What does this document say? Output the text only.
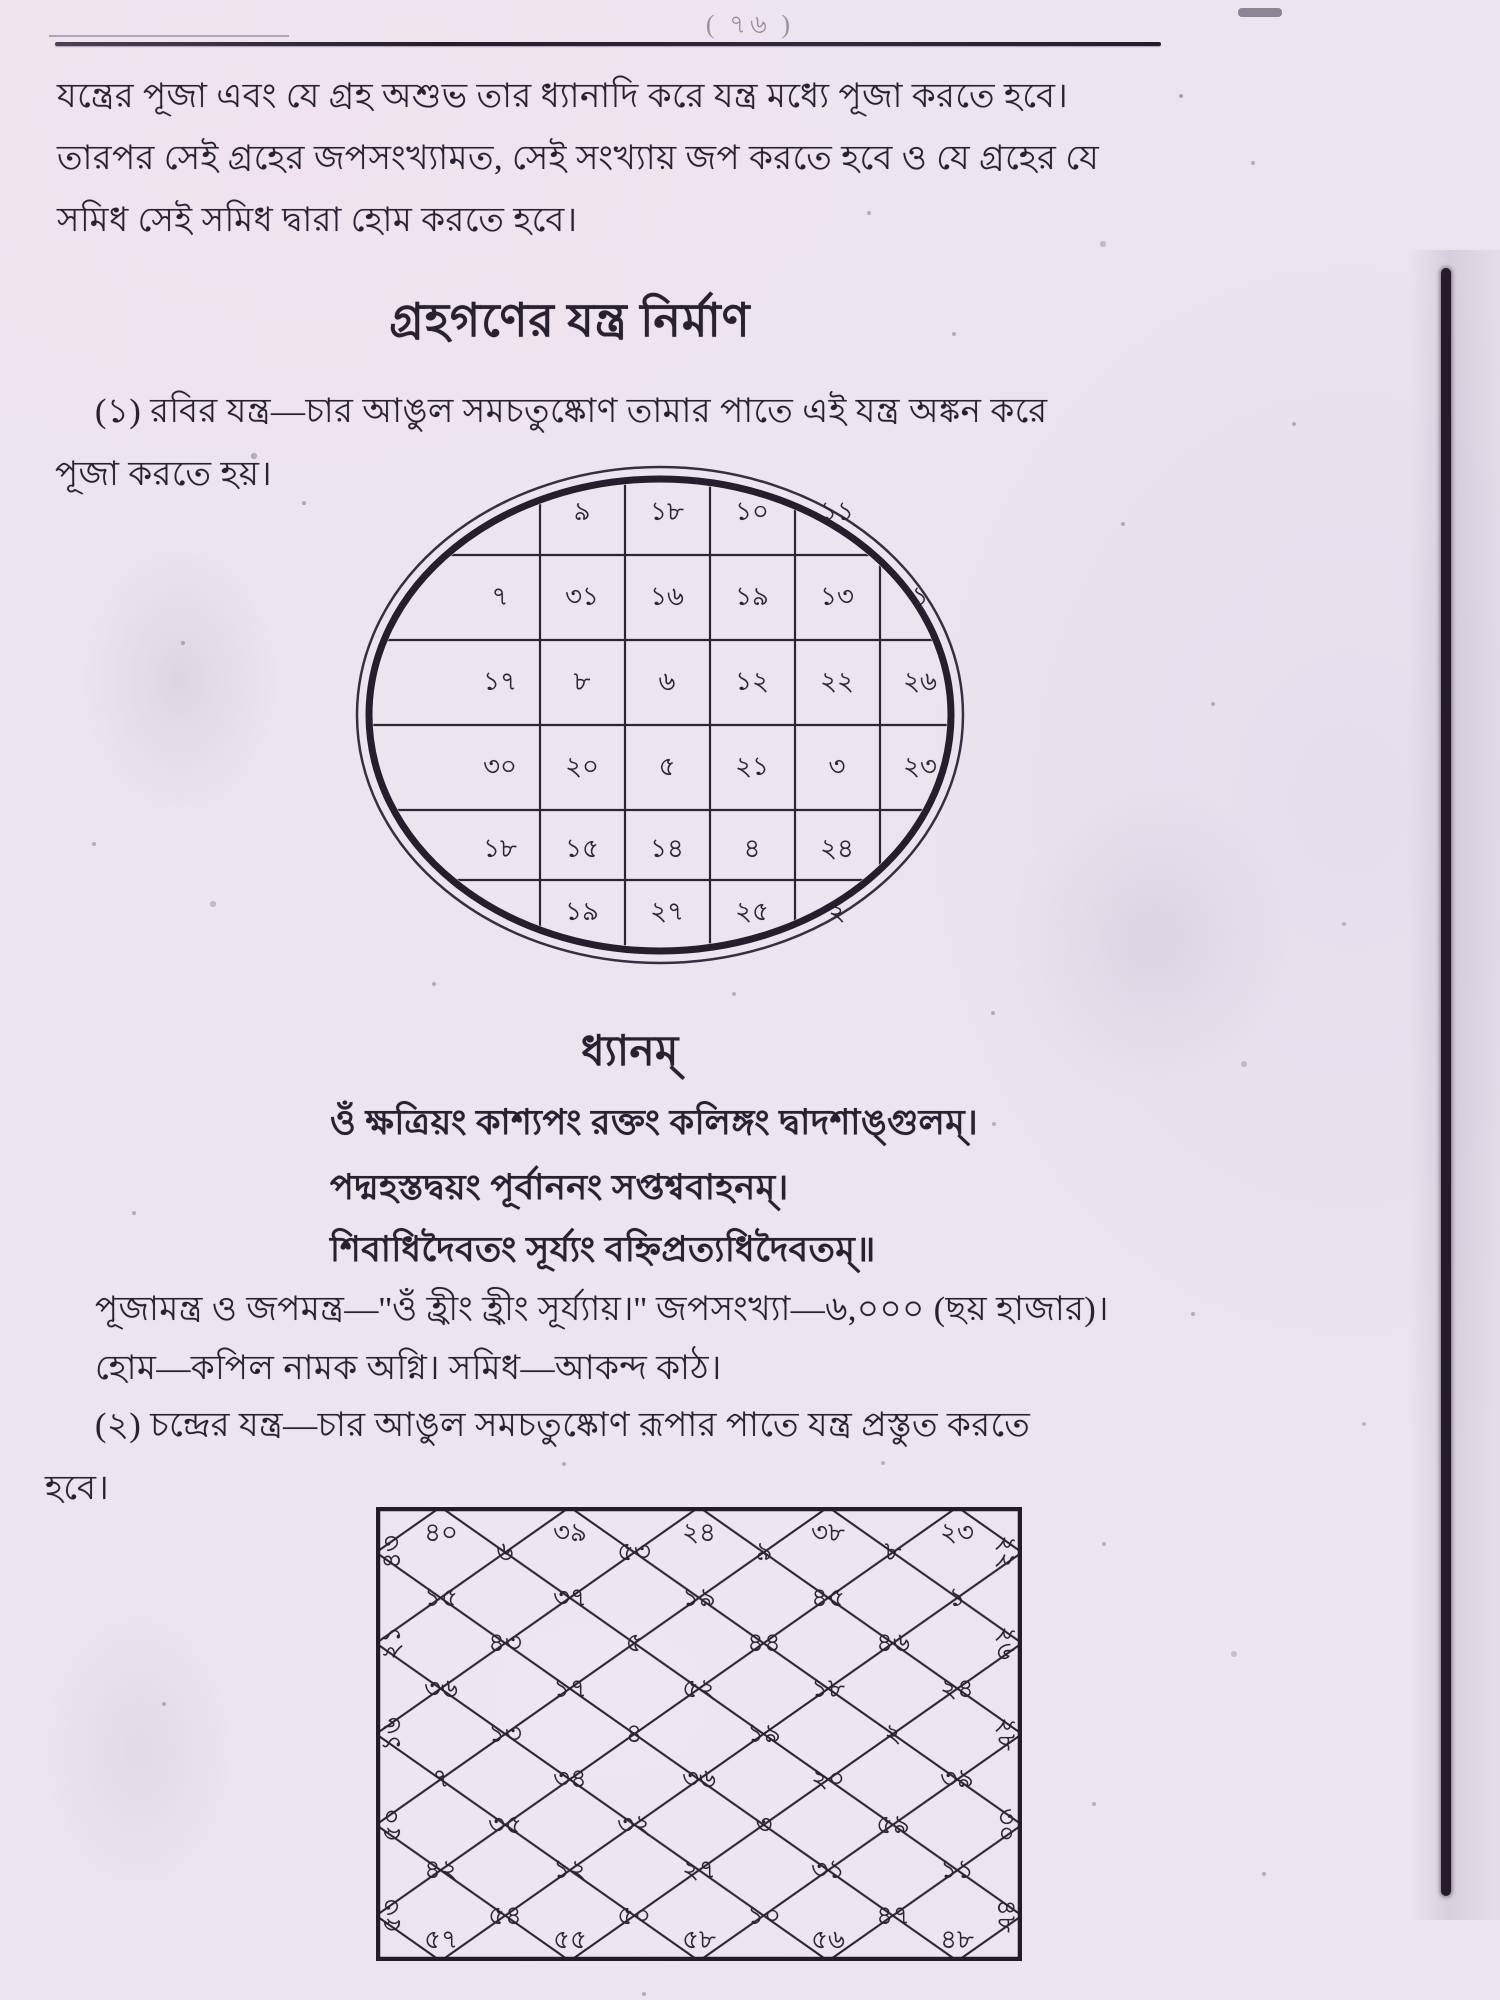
( ৭৬ )
যন্ত্রের পূজা এবং যে গ্রহ অশুভ তার ধ্যানাদি করে যন্ত্র মধ্যে পূজা করতে হবে।
তারপর সেই গ্রহের জপসংখ্যামত, সেই সংখ্যায় জপ করতে হবে ও যে গ্রহের যে
সমিধ সেই সমিধ দ্বারা হোম করতে হবে।
গ্রহগণের যন্ত্র নির্মাণ
(১) রবির যন্ত্র—চার আঙুল সমচতুষ্কোণ তামার পাতে এই যন্ত্র অঙ্কন করে
পূজা করতে হয়।
৯	১৮	১০	১১
৭	৩১	১৬	১৯	১৩	১
১৭	৮	৬	১২	২২	২৬
৩০	২০	৫	২১	৩	২৩
১৮	১৫	১৪	৪	২৪
১৯	২৭	২৫	২
ধ্যানম্
ওঁ ক্ষত্রিয়ং কাশ্যপং রক্তং কলিঙ্গং দ্বাদশাঙ্গুলম্।
পদ্মহস্তদ্বয়ং পূর্বাননং সপ্তশ্ববাহনম্।
শিবাধিদৈবতং সূর্য্যং বহ্নিপ্রত্যধিদৈবতম্॥
পূজামন্ত্র ও জপমন্ত্র—''ওঁ হ্রীং হ্রীং সূর্য্যায়।'' জপসংখ্যা—৬,০০০ (ছয় হাজার)।
হোম—কপিল নামক অগ্নি। সমিধ—আকন্দ কাঠ।
(২) চন্দ্রের যন্ত্র—চার আঙুল সমচতুষ্কোণ রূপার পাতে যন্ত্র প্রস্তুত করতে
হবে।
৪০	৩৯	২৪	৩৮	২৩
৪৩	৬	৫৩	৯	৮	২২
১৫	৩৭	১৯	৪৫	১
২১	৪৩	৫	৪৪	৪৬	২৬
৩৬	১৭	৫২	১৮	২৪
১৬	১৩	৪	১৯	২	২৮
৭	৩৪	৩৬	২০	৩৯
৫০	৩৫	৩২	৩	৫৯	৩০
৪২	১২	২৭	৩১	১১
৫৩	৫৪	৫০	১০	৪৭	৪৮
৫৭	৫৫	৫৮	৫৬	৪৮
